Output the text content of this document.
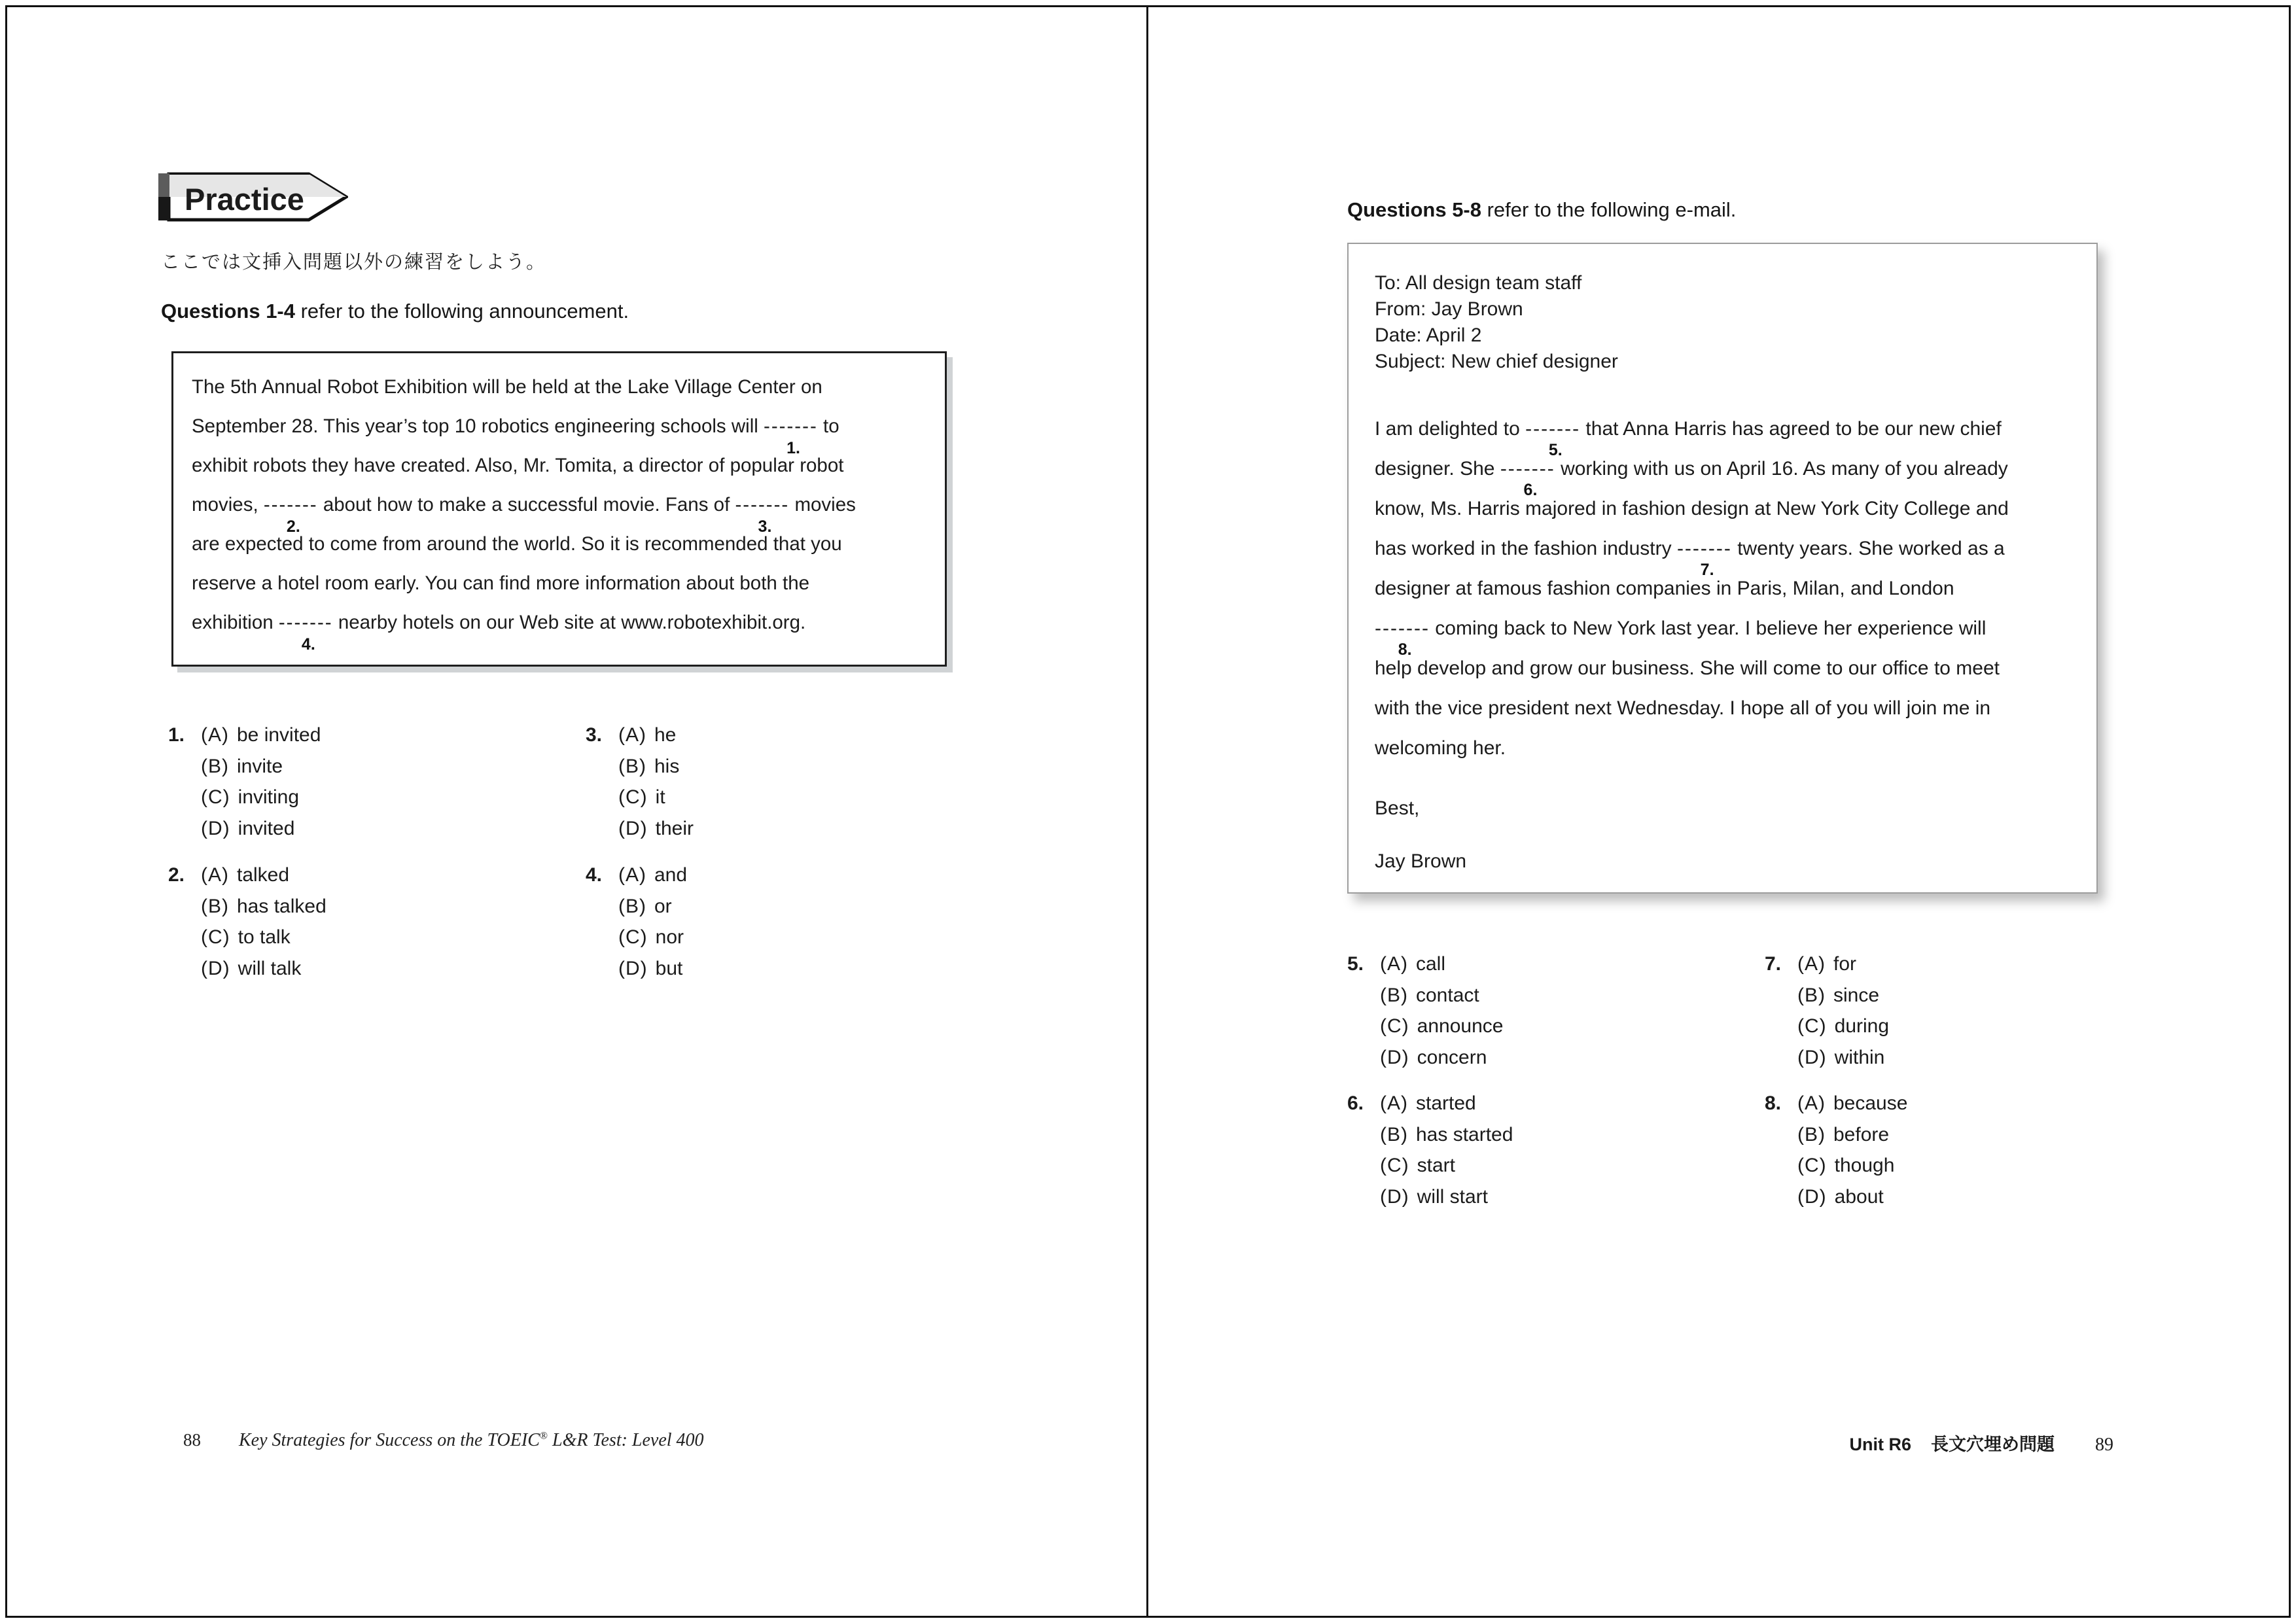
Practice
ここでは文挿入問題以外の練習をしよう。
Questions 1-4 refer to the following announcement.
The 5th Annual Robot Exhibition will be held at the Lake Village Center on
September 28. This year’s top 10 robotics engineering schools will -------
1.
to
exhibit robots they have created. Also, Mr. Tomita, a director of popular robot
movies, -------
2.
about how to make a successful movie. Fans of -------
3.
movies
are expected to come from around the world. So it is recommended that you
reserve a hotel room early. You can find more information about both the
exhibition -------
4.
nearby hotels on our Web site at www.robotexhibit.org.
1. (A) be invited
(B) invite
(C) inviting
(D) invited
2. (A) talked
(B) has talked
(C) to talk
(D) will talk
3. (A) he
(B) his
(C) it
(D) their
4. (A) and
(B) or
(C) nor
(D) but
88 Key Strategies for Success on the TOEIC® L&R Test: Level 400
Questions 5-8 refer to the following e-mail.
To: All design team staff
From: Jay Brown
Date: April 2
Subject: New chief designer
I am delighted to -------
5.
that Anna Harris has agreed to be our new chief
designer. She -------
6.
working with us on April 16. As many of you already
know, Ms. Harris majored in fashion design at New York City College and
has worked in the fashion industry -------
7.
twenty years. She worked as a
designer at famous fashion companies in Paris, Milan, and London
-------
8.
coming back to New York last year. I believe her experience will
help develop and grow our business. She will come to our office to meet
with the vice president next Wednesday. I hope all of you will join me in
welcoming her.
Best,
Jay Brown
5. (A) call
(B) contact
(C) announce
(D) concern
6. (A) started
(B) has started
(C) start
(D) will start
7. (A) for
(B) since
(C) during
(D) within
8. (A) because
(B) before
(C) though
(D) about
Unit R6 長文穴埋め問題 89
